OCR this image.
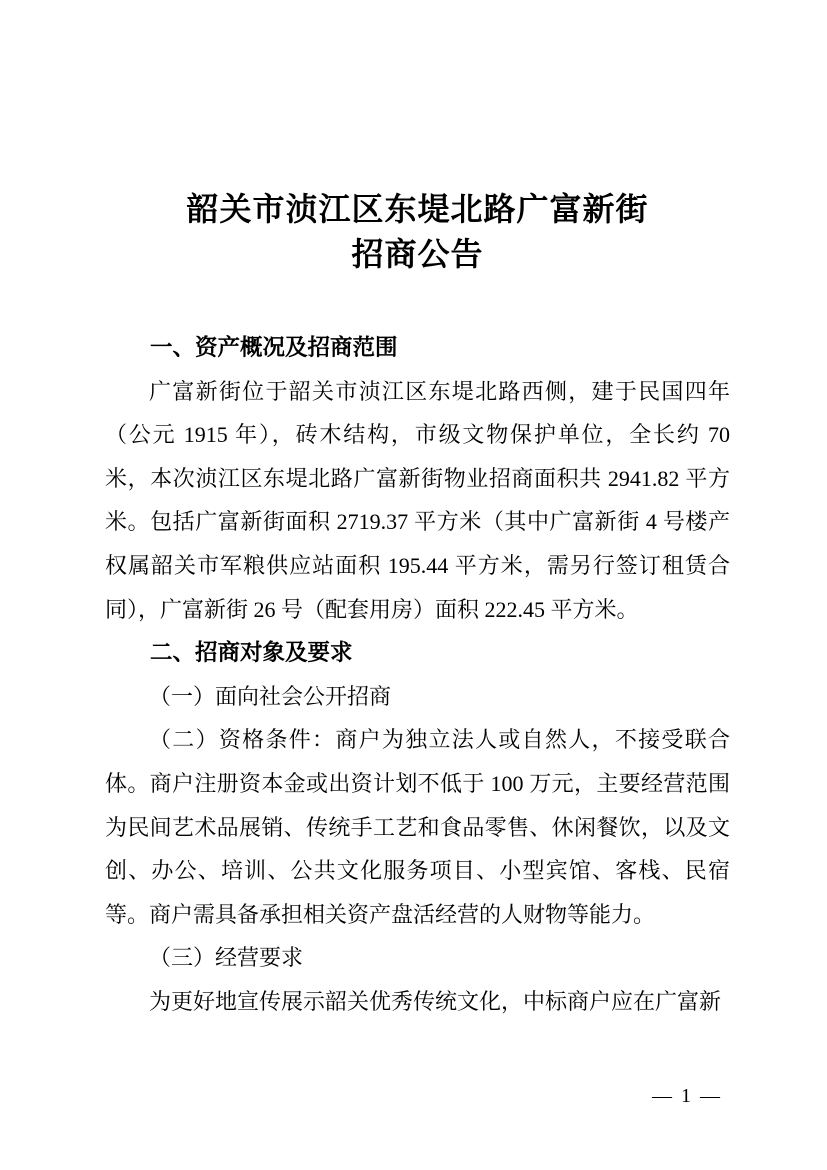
韶关市浈江区东堤北路广富新街
招商公告
一、资产概况及招商范围

广富新街位于韶关市浈江区东堤北路西侧，建于民国四年（公元 1915 年），砖木结构，市级文物保护单位，全长约 70 米，本次浈江区东堤北路广富新街物业招商面积共 2941.82 平方米。包括广富新街面积 2719.37 平方米（其中广富新街 4 号楼产权属韶关市军粮供应站面积 195.44 平方米，需另行签订租赁合同），广富新街 26 号（配套用房）面积 222.45 平方米。

二、招商对象及要求

（一）面向社会公开招商

（二）资格条件：商户为独立法人或自然人，不接受联合体。商户注册资本金或出资计划不低于 100 万元，主要经营范围为民间艺术品展销、传统手工艺和食品零售、休闲餐饮，以及文创、办公、培训、公共文化服务项目、小型宾馆、客栈、民宿等。商户需具备承担相关资产盘活经营的人财物等能力。

（三）经营要求

为更好地宣传展示韶关优秀传统文化，中标商户应在广富新

— 1 —
